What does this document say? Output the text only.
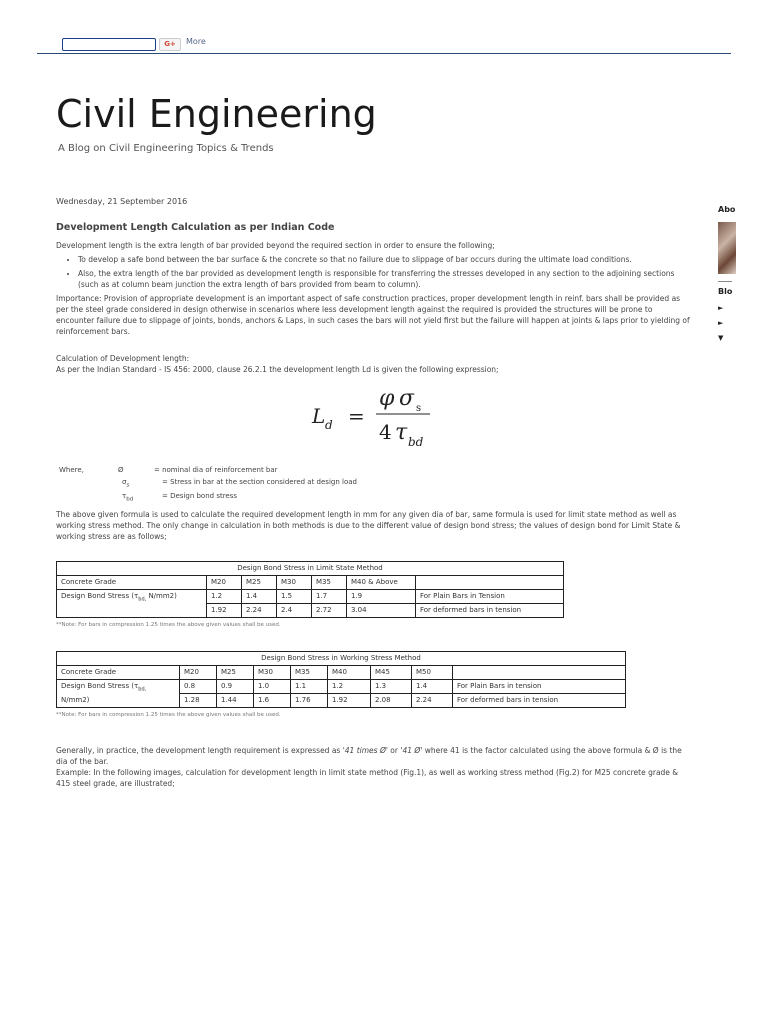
G+	More
Civil Engineering
A Blog on Civil Engineering Topics & Trends
Wednesday, 21 September 2016
Development Length Calculation as per Indian Code

Development length is the extra length of bar provided beyond the required section in order to ensure the following;

• To develop a safe bond between the bar surface & the concrete so that no failure due to slippage of bar occurs during the ultimate load conditions.
• Also, the extra length of the bar provided as development length is responsible for transferring the stresses developed in any section to the adjoining sections (such as at column beam junction the extra length of bars provided from beam to column).

Importance: Provision of appropriate development is an important aspect of safe construction practices, proper development length in reinf. bars shall be provided as per the steel grade considered in design otherwise in scenarios where less development length against the required is provided the structures will be prone to encounter failure due to slippage of joints, bonds, anchors & Laps, in such cases the bars will not yield first but the failure will happen at joints & laps prior to yielding of reinforcement bars.

Calculation of Development length:

As per the Indian Standard - IS 456: 2000, clause 26.2.1 the development length Ld is given the following expression;

L d =
φ σ s
4 τ bd
Where,	Ø	= nominal dia of reinforcement bar
$\sigma_s$	= Stress in bar at the section considered at design load
$\tau_{bd}$	= Design bond stress

The above given formula is used to calculate the required development length in mm for any given dia of bar, same formula is used for limit state method as well as working stress method. The only change in calculation in both methods is due to the different value of design bond stress; the values of design bond for Limit State & working stress are as follows;

Design Bond Stress in Limit State Method						
Concrete Grade	M20	M25	M30	M35	M40 & Above	
Design Bond Stress ($\tau_{bd,}$ N/mm2)	1.2	1.4	1.5	1.7	1.9	For Plain Bars in Tension
	1.92	2.24	2.4	2.72	3.04	For deformed bars in tension
**Note: For bars in compression 1.25 times the above given values shall be used.
Design Bond Stress in Working Stress Method								
Concrete Grade	M20	M25	M30	M35	M40	M45	M50	
Design Bond Stress ($\tau_{bd,}$
N/mm2)	0.8	0.9	1.0	1.1	1.2	1.3	1.4	For Plain Bars in tension
	1.28	1.44	1.6	1.76	1.92	2.08	2.24	For deformed bars in tension
**Note: For bars in compression 1.25 times the above given values shall be used.

Generally, in practice, the development length requirement is expressed as '41 times Ø' or '41 Ø' where 41 is the factor calculated using the above formula & Ø is the dia of the bar.

Example: In the following images, calculation for development length in limit state method (Fig.1), as well as working stress method (Fig.2) for M25 concrete grade & 415 steel grade, are illustrated;

Abo
Blo
►
►
▼
